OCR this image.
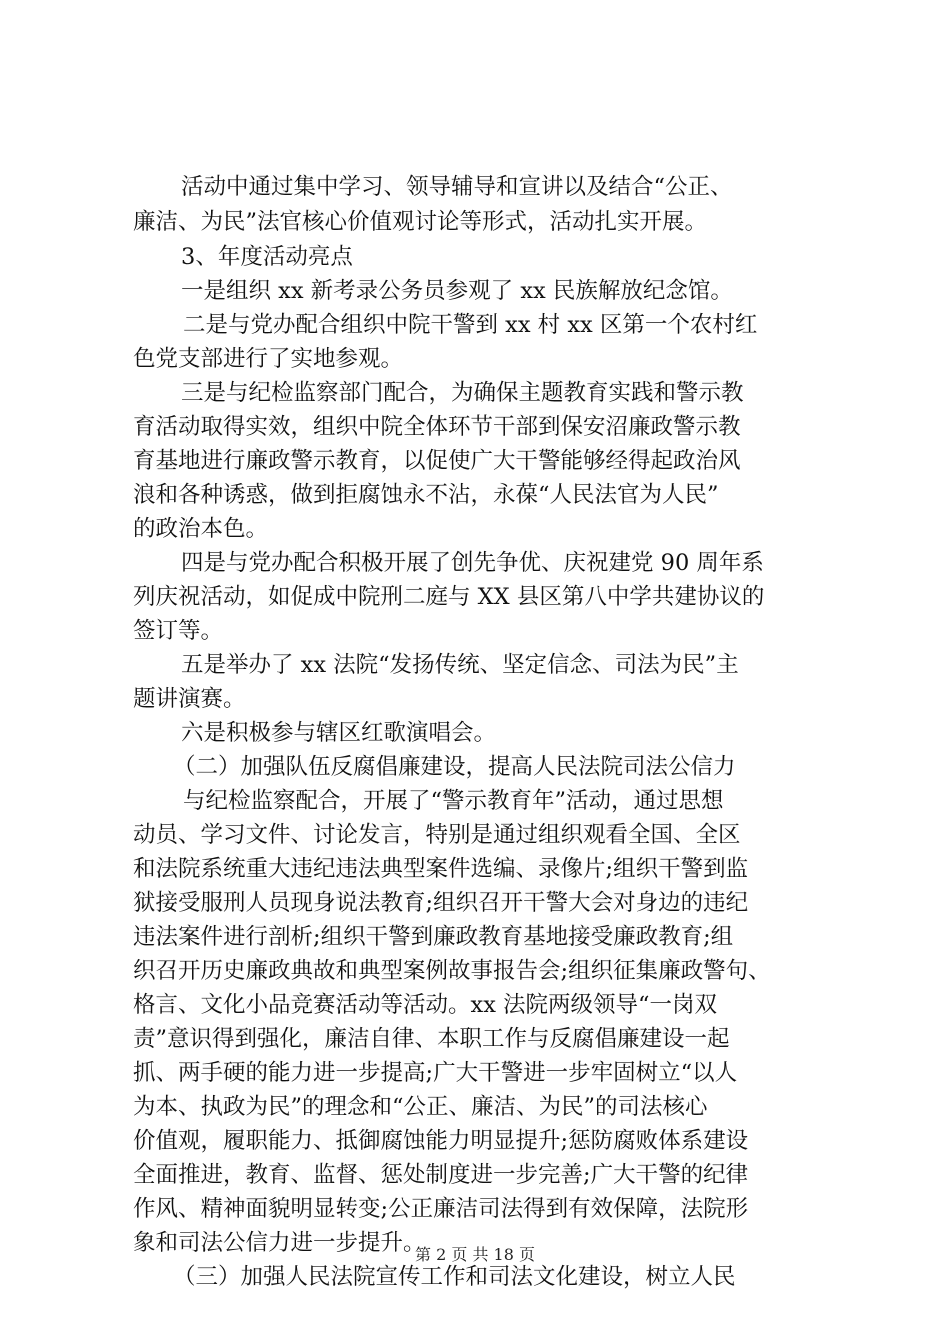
活动中通过集中学习、领导辅导和宣讲以及结合“公正、
廉洁、为民”法官核心价值观讨论等形式，活动扎实开展。
3、年度活动亮点
一是组织 xx 新考录公务员参观了 xx 民族解放纪念馆。
二是与党办配合组织中院干警到 xx 村 xx 区第一个农村红
色党支部进行了实地参观。
三是与纪检监察部门配合，为确保主题教育实践和警示教
育活动取得实效，组织中院全体环节干部到保安沼廉政警示教
育基地进行廉政警示教育，以促使广大干警能够经得起政治风
浪和各种诱惑，做到拒腐蚀永不沾，永葆“人民法官为人民”
的政治本色。
四是与党办配合积极开展了创先争优、庆祝建党 90 周年系
列庆祝活动，如促成中院刑二庭与 XX 县区第八中学共建协议的
签订等。
五是举办了 xx 法院“发扬传统、坚定信念、司法为民”主
题讲演赛。
六是积极参与辖区红歌演唱会。
（二）加强队伍反腐倡廉建设，提高人民法院司法公信力
与纪检监察配合，开展了“警示教育年”活动，通过思想
动员、学习文件、讨论发言，特别是通过组织观看全国、全区
和法院系统重大违纪违法典型案件选编、录像片;组织干警到监
狱接受服刑人员现身说法教育;组织召开干警大会对身边的违纪
违法案件进行剖析;组织干警到廉政教育基地接受廉政教育;组
织召开历史廉政典故和典型案例故事报告会;组织征集廉政警句、
格言、文化小品竞赛活动等活动。xx 法院两级领导“一岗双
责”意识得到强化，廉洁自律、本职工作与反腐倡廉建设一起
抓、两手硬的能力进一步提高;广大干警进一步牢固树立“以人
为本、执政为民”的理念和“公正、廉洁、为民”的司法核心
价值观，履职能力、抵御腐蚀能力明显提升;惩防腐败体系建设
全面推进，教育、监督、惩处制度进一步完善;广大干警的纪律
作风、精神面貌明显转变;公正廉洁司法得到有效保障，法院形
象和司法公信力进一步提升。
（三）加强人民法院宣传工作和司法文化建设，树立人民
第 2 页 共 18 页
